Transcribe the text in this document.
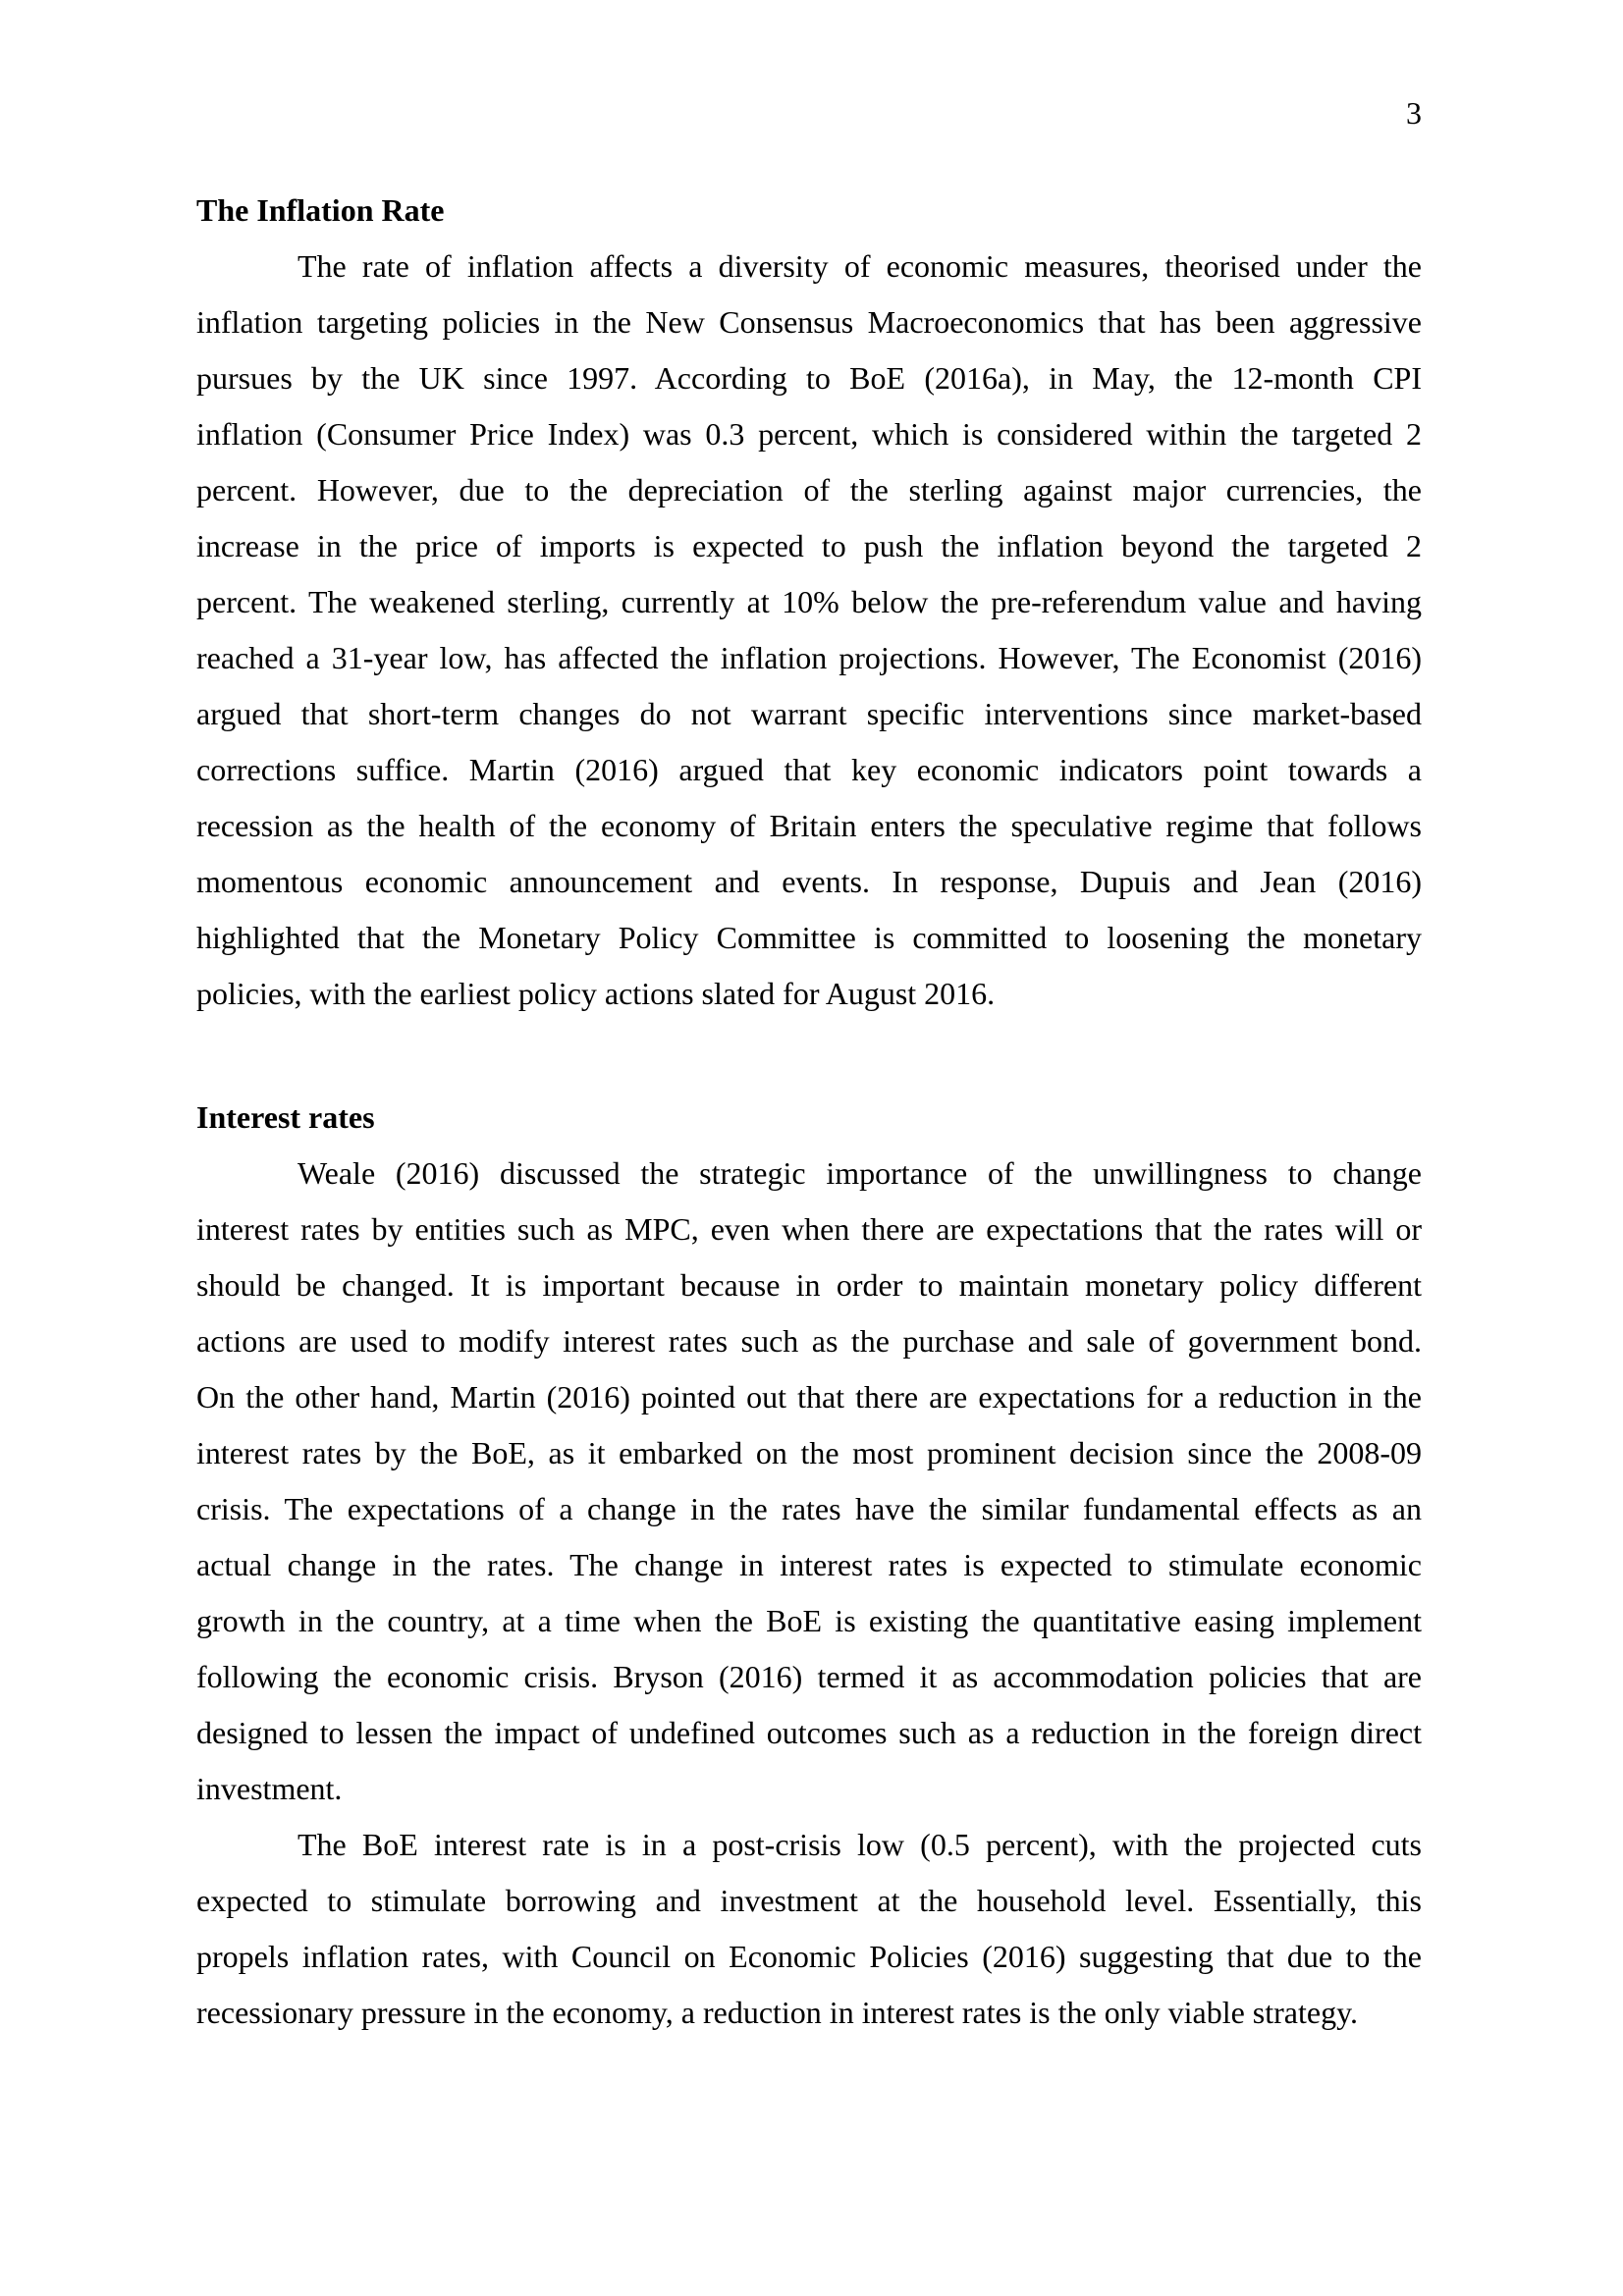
3
The Inflation Rate
The rate of inflation affects a diversity of economic measures, theorised under the
inflation targeting policies in the New Consensus Macroeconomics that has been aggressive
pursues by the UK since 1997. According to BoE (2016a), in May, the 12-month CPI
inflation (Consumer Price Index) was 0.3 percent, which is considered within the targeted 2
percent. However, due to the depreciation of the sterling against major currencies, the
increase in the price of imports is expected to push the inflation beyond the targeted 2
percent. The weakened sterling, currently at 10% below the pre-referendum value and having
reached a 31-year low, has affected the inflation projections. However, The Economist (2016)
argued that short-term changes do not warrant specific interventions since market-based
corrections suffice. Martin (2016) argued that key economic indicators point towards a
recession as the health of the economy of Britain enters the speculative regime that follows
momentous economic announcement and events. In response, Dupuis and Jean (2016)
highlighted that the Monetary Policy Committee is committed to loosening the monetary
policies, with the earliest policy actions slated for August 2016.
Interest rates
Weale (2016) discussed the strategic importance of the unwillingness to change
interest rates by entities such as MPC, even when there are expectations that the rates will or
should be changed. It is important because in order to maintain monetary policy different
actions are used to modify interest rates such as the purchase and sale of government bond.
On the other hand, Martin (2016) pointed out that there are expectations for a reduction in the
interest rates by the BoE, as it embarked on the most prominent decision since the 2008-09
crisis. The expectations of a change in the rates have the similar fundamental effects as an
actual change in the rates. The change in interest rates is expected to stimulate economic
growth in the country, at a time when the BoE is existing the quantitative easing implement
following the economic crisis. Bryson (2016) termed it as accommodation policies that are
designed to lessen the impact of undefined outcomes such as a reduction in the foreign direct
investment.
The BoE interest rate is in a post-crisis low (0.5 percent), with the projected cuts
expected to stimulate borrowing and investment at the household level. Essentially, this
propels inflation rates, with Council on Economic Policies (2016) suggesting that due to the
recessionary pressure in the economy, a reduction in interest rates is the only viable strategy.
